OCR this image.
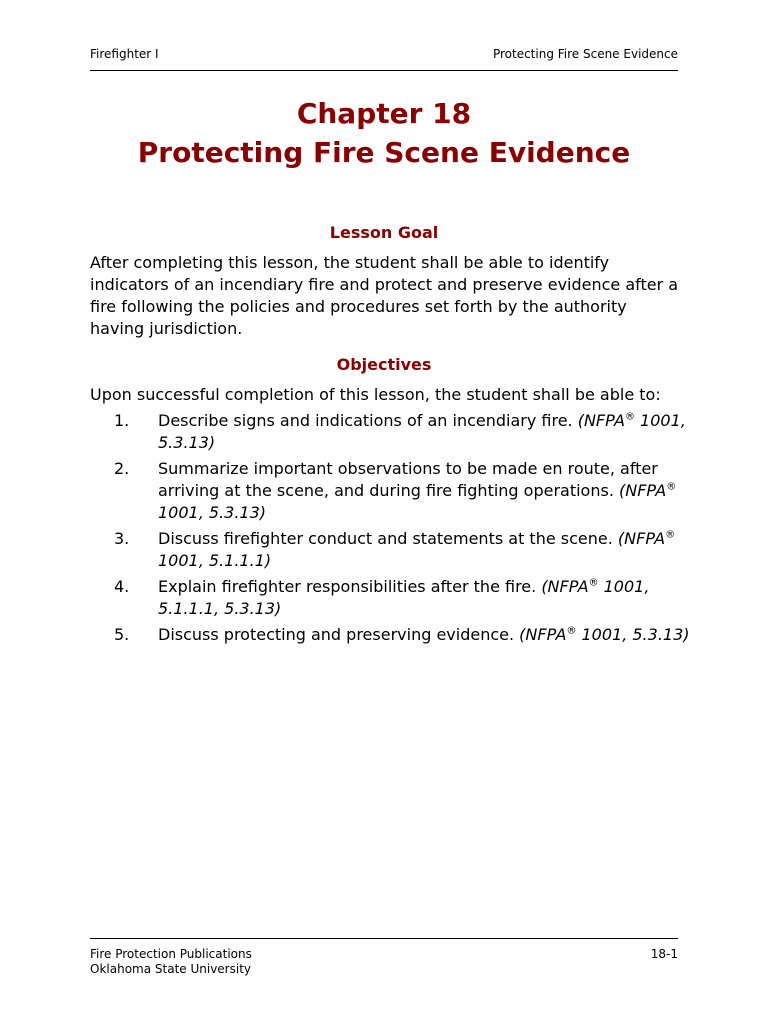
Firefighter I	Protecting Fire Scene Evidence
Chapter 18
Protecting Fire Scene Evidence
Lesson Goal
After completing this lesson, the student shall be able to identify indicators of an incendiary fire and protect and preserve evidence after a fire following the policies and procedures set forth by the authority having jurisdiction.
Objectives
Upon successful completion of this lesson, the student shall be able to:
1. Describe signs and indications of an incendiary fire. (NFPA® 1001, 5.3.13)
2. Summarize important observations to be made en route, after arriving at the scene, and during fire fighting operations. (NFPA® 1001, 5.3.13)
3. Discuss firefighter conduct and statements at the scene. (NFPA® 1001, 5.1.1.1)
4. Explain firefighter responsibilities after the fire. (NFPA® 1001, 5.1.1.1, 5.3.13)
5. Discuss protecting and preserving evidence. (NFPA® 1001, 5.3.13)
Fire Protection Publications
Oklahoma State University
18-1
